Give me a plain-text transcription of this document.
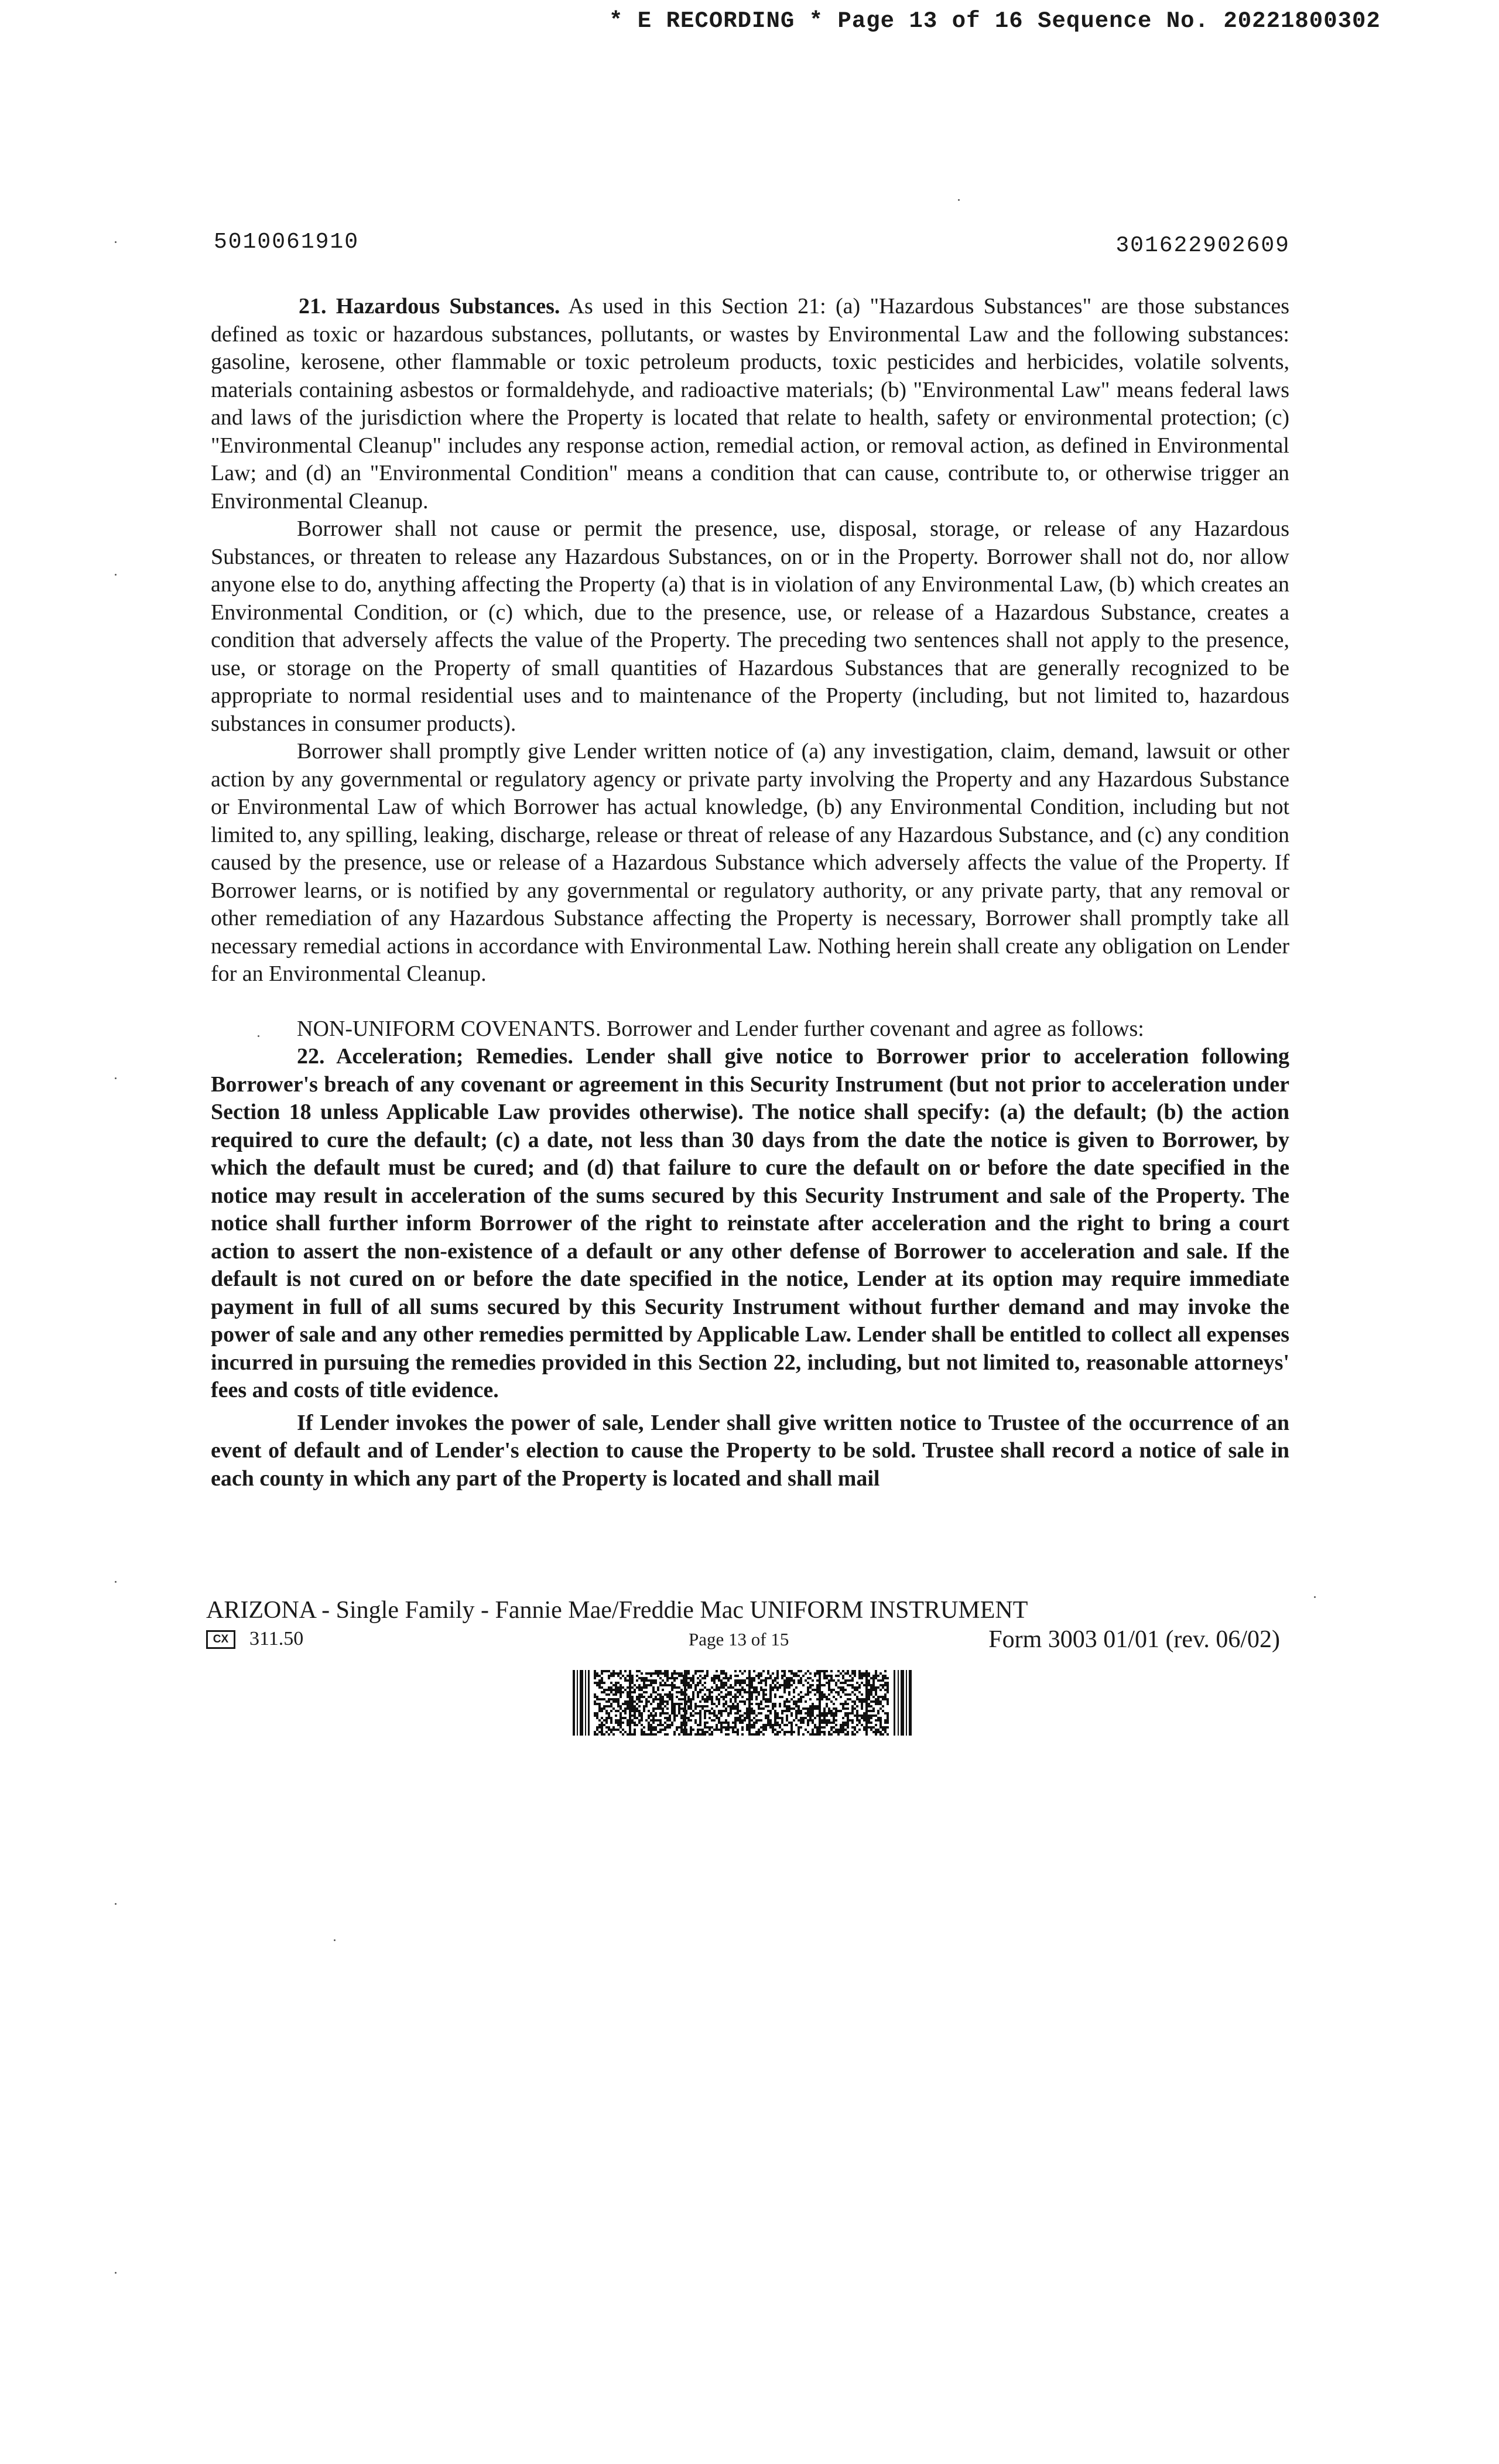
* E RECORDING * Page 13 of 16 Sequence No. 20221800302
5010061910	301622902609

21. Hazardous Substances. As used in this Section 21: (a) "Hazardous Substances" are those substances defined as toxic or hazardous substances, pollutants, or wastes by Environmental Law and the following substances: gasoline, kerosene, other flammable or toxic petroleum products, toxic pesticides and herbicides, volatile solvents, materials containing asbestos or formaldehyde, and radioactive materials; (b) "Environmental Law" means federal laws and laws of the jurisdiction where the Property is located that relate to health, safety or environmental protection; (c) "Environmental Cleanup" includes any response action, remedial action, or removal action, as defined in Environmental Law; and (d) an "Environmental Condition" means a condition that can cause, contribute to, or otherwise trigger an Environmental Cleanup.

Borrower shall not cause or permit the presence, use, disposal, storage, or release of any Hazardous Substances, or threaten to release any Hazardous Substances, on or in the Property. Borrower shall not do, nor allow anyone else to do, anything affecting the Property (a) that is in violation of any Environmental Law, (b) which creates an Environmental Condition, or (c) which, due to the presence, use, or release of a Hazardous Substance, creates a condition that adversely affects the value of the Property. The preceding two sentences shall not apply to the presence, use, or storage on the Property of small quantities of Hazardous Substances that are generally recognized to be appropriate to normal residential uses and to maintenance of the Property (including, but not limited to, hazardous substances in consumer products).

Borrower shall promptly give Lender written notice of (a) any investigation, claim, demand, lawsuit or other action by any governmental or regulatory agency or private party involving the Property and any Hazardous Substance or Environmental Law of which Borrower has actual knowledge, (b) any Environmental Condition, including but not limited to, any spilling, leaking, discharge, release or threat of release of any Hazardous Substance, and (c) any condition caused by the presence, use or release of a Hazardous Substance which adversely affects the value of the Property. If Borrower learns, or is notified by any governmental or regulatory authority, or any private party, that any removal or other remediation of any Hazardous Substance affecting the Property is necessary, Borrower shall promptly take all necessary remedial actions in accordance with Environmental Law. Nothing herein shall create any obligation on Lender for an Environmental Cleanup.

NON-UNIFORM COVENANTS. Borrower and Lender further covenant and agree as follows:

22. Acceleration; Remedies. Lender shall give notice to Borrower prior to acceleration following Borrower's breach of any covenant or agreement in this Security Instrument (but not prior to acceleration under Section 18 unless Applicable Law provides otherwise). The notice shall specify: (a) the default; (b) the action required to cure the default; (c) a date, not less than 30 days from the date the notice is given to Borrower, by which the default must be cured; and (d) that failure to cure the default on or before the date specified in the notice may result in acceleration of the sums secured by this Security Instrument and sale of the Property. The notice shall further inform Borrower of the right to reinstate after acceleration and the right to bring a court action to assert the non-existence of a default or any other defense of Borrower to acceleration and sale. If the default is not cured on or before the date specified in the notice, Lender at its option may require immediate payment in full of all sums secured by this Security Instrument without further demand and may invoke the power of sale and any other remedies permitted by Applicable Law. Lender shall be entitled to collect all expenses incurred in pursuing the remedies provided in this Section 22, including, but not limited to, reasonable attorneys' fees and costs of title evidence.

If Lender invokes the power of sale, Lender shall give written notice to Trustee of the occurrence of an event of default and of Lender's election to cause the Property to be sold. Trustee shall record a notice of sale in each county in which any part of the Property is located and shall mail

ARIZONA - Single Family - Fannie Mae/Freddie Mac UNIFORM INSTRUMENT
CX	311.50	Page 13 of 15	Form 3003 01/01 (rev. 06/02)
